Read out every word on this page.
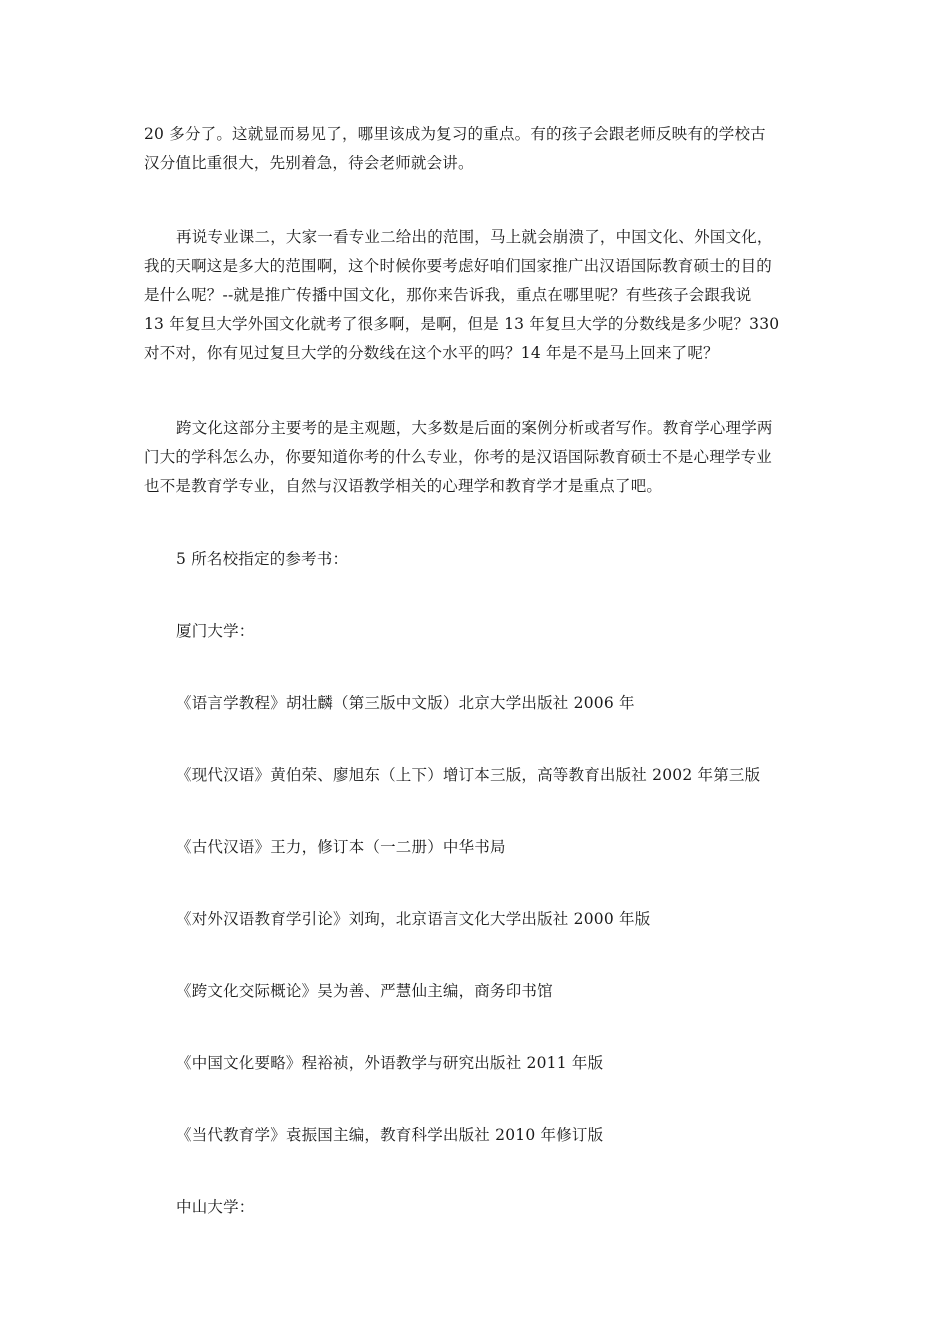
20 多分了。这就显而易见了，哪里该成为复习的重点。有的孩子会跟老师反映有的学校古
汉分值比重很大，先别着急，待会老师就会讲。

再说专业课二，大家一看专业二给出的范围，马上就会崩溃了，中国文化、外国文化，
我的天啊这是多大的范围啊，这个时候你要考虑好咱们国家推广出汉语国际教育硕士的目的
是什么呢？--就是推广传播中国文化，那你来告诉我，重点在哪里呢？有些孩子会跟我说
13 年复旦大学外国文化就考了很多啊，是啊，但是 13 年复旦大学的分数线是多少呢？330
对不对，你有见过复旦大学的分数线在这个水平的吗？14 年是不是马上回来了呢？

跨文化这部分主要考的是主观题，大多数是后面的案例分析或者写作。教育学心理学两
门大的学科怎么办，你要知道你考的什么专业，你考的是汉语国际教育硕士不是心理学专业
也不是教育学专业，自然与汉语教学相关的心理学和教育学才是重点了吧。

5 所名校指定的参考书：

厦门大学：

《语言学教程》胡壮麟（第三版中文版）北京大学出版社 2006 年

《现代汉语》黄伯荣、廖旭东（上下）增订本三版，高等教育出版社 2002 年第三版

《古代汉语》王力，修订本（一二册）中华书局

《对外汉语教育学引论》刘珣，北京语言文化大学出版社 2000 年版

《跨文化交际概论》吴为善、严慧仙主编，商务印书馆

《中国文化要略》程裕祯，外语教学与研究出版社 2011 年版

《当代教育学》袁振国主编，教育科学出版社 2010 年修订版

中山大学：
